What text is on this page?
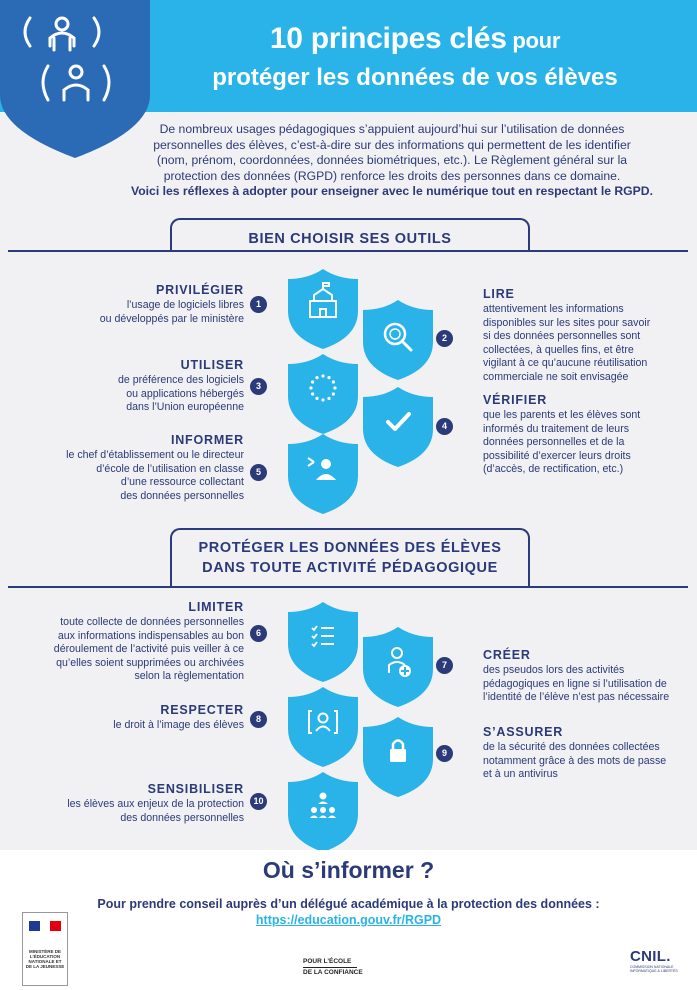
10 principes clés pour
protéger les données de vos élèves
De nombreux usages pédagogiques s’appuient aujourd’hui sur l’utilisation de données
personnelles des élèves, c’est-à-dire sur des informations qui permettent de les identifier
(nom, prénom, coordonnées, données biométriques, etc.). Le Règlement général sur la
protection des données (RGPD) renforce les droits des personnes dans ce domaine.
Voici les réflexes à adopter pour enseigner avec le numérique tout en respectant le RGPD.
BIEN CHOISIR SES OUTILS
PROTÉGER LES DONNÉES DES ÉLÈVES
DANS TOUTE ACTIVITÉ PÉDAGOGIQUE
1
2
3
4
5
6
7
8
9
10
PRIVILÉGIER
l’usage de logiciels libres
ou développés par le ministère
LIRE
attentivement les informations
disponibles sur les sites pour savoir
si des données personnelles sont
collectées, à quelles fins, et être
vigilant à ce qu’aucune réutilisation
commerciale ne soit envisagée
UTILISER
de préférence des logiciels
ou applications hébergés
dans l’Union européenne
VÉRIFIER
que les parents et les élèves sont
informés du traitement de leurs
données personnelles et de la
possibilité d’exercer leurs droits
(d’accès, de rectification, etc.)
INFORMER
le chef d’établissement ou le directeur
d’école de l’utilisation en classe
d’une ressource collectant
des données personnelles
LIMITER
toute collecte de données personnelles
aux informations indispensables au bon
déroulement de l’activité puis veiller à ce
qu’elles soient supprimées ou archivées
selon la règlementation
CRÉER
des pseudos lors des activités
pédagogiques en ligne si l’utilisation de
l’identité de l’élève n’est pas nécessaire
RESPECTER
le droit à l’image des élèves	S’ASSURER
de la sécurité des données collectées
notamment grâce à des mots de passe
et à un antivirus
SENSIBILISER
les élèves aux enjeux de la protection
des données personnelles
Où s’informer ?
Pour prendre conseil auprès d’un délégué académique à la protection des données :
https://education.gouv.fr/RGPD
MINISTÈRE DE L’ÉDUCATION NATIONALE ET DE LA JEUNESSE
POUR L’ÉCOLE
DE LA CONFIANCE
CNIL.
COMMISSION NATIONALE INFORMATIQUE & LIBERTÉS
